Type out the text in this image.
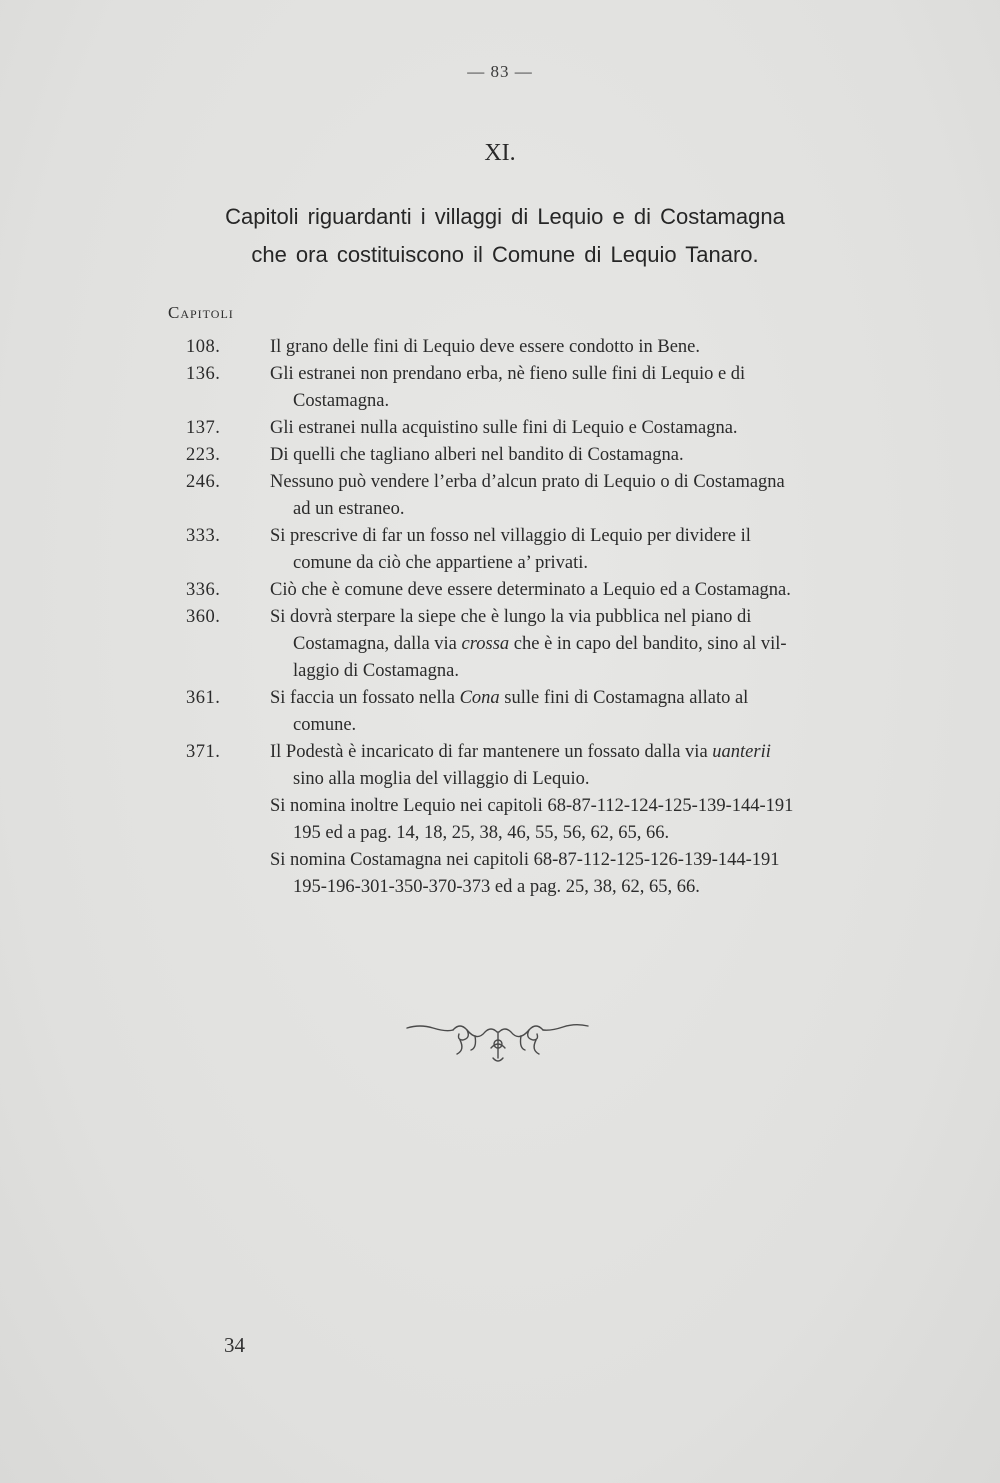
— 83 —
XI.
Capitoli riguardanti i villaggi di Lequio e di Costamagna
che ora costituiscono il Comune di Lequio Tanaro.
Capitoli
108.	Il grano delle fini di Lequio deve essere condotto in Bene.
136.	Gli estranei non prendano erba, nè fieno sulle fini di Lequio e di
Costamagna.
137.	Gli estranei nulla acquistino sulle fini di Lequio e Costamagna.
223.	Di quelli che tagliano alberi nel bandito di Costamagna.
246.	Nessuno può vendere l’erba d’alcun prato di Lequio o di Costamagna
ad un estraneo.
333.	Si prescrive di far un fosso nel villaggio di Lequio per dividere il
comune da ciò che appartiene a’ privati.
336.	Ciò che è comune deve essere determinato a Lequio ed a Costamagna.
360.	Si dovrà sterpare la siepe che è lungo la via pubblica nel piano di
Costamagna, dalla via crossa che è in capo del bandito, sino al vil-
laggio di Costamagna.
361.	Si faccia un fossato nella Cona sulle fini di Costamagna allato al
comune.
371.	Il Podestà è incaricato di far mantenere un fossato dalla via uanterii
sino alla moglia del villaggio di Lequio.
Si nomina inoltre Lequio nei capitoli 68-87-112-124-125-139-144-191
195 ed a pag. 14, 18, 25, 38, 46, 55, 56, 62, 65, 66.
Si nomina Costamagna nei capitoli 68-87-112-125-126-139-144-191
195-196-301-350-370-373 ed a pag. 25, 38, 62, 65, 66.
34
